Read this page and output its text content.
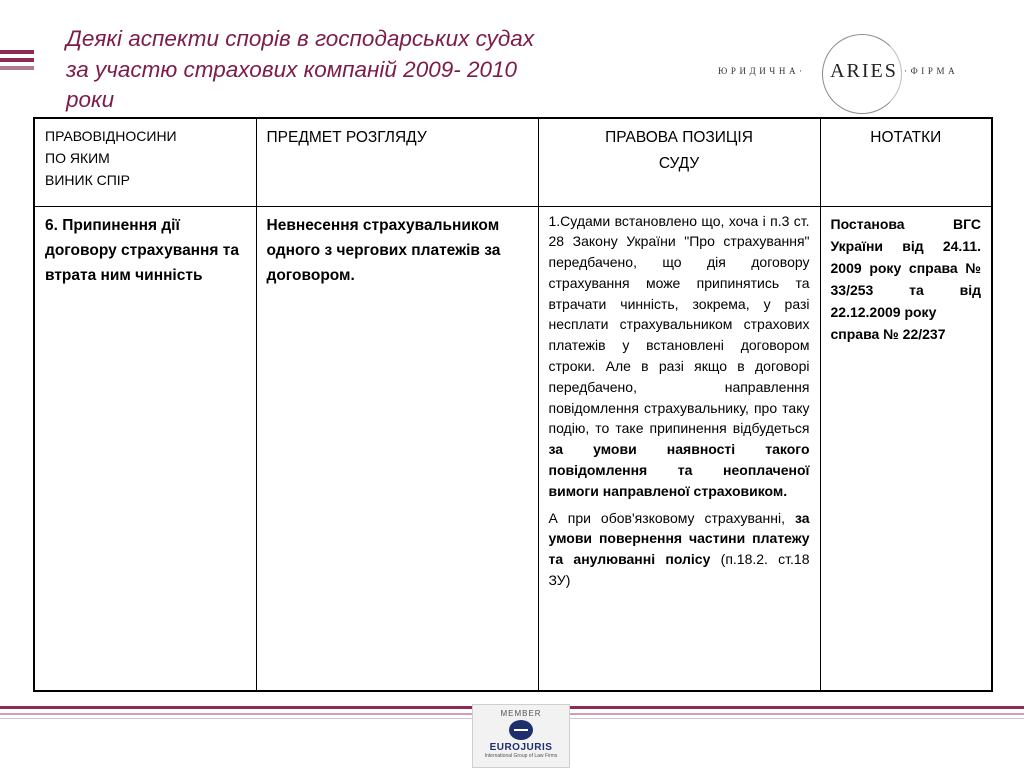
Деякі аспекти спорів в господарських судах
за участю страхових компаній 2009- 2010
роки
ЮРИДИЧНА·	ARIES ·ФІРМА
ПРАВОВІДНОСИНИ
ПО ЯКИМ
ВИНИК СПІР	ПРЕДМЕТ РОЗГЛЯДУ	ПРАВОВА ПОЗИЦІЯ
СУДУ	НОТАТКИ
6. Припинення дії договору страхування та втрата ним чинність	Невнесення страхувальником одного з чергових платежів за договором.	1.Судами встановлено що, хоча і п.3 ст. 28 Закону України "Про страхування" передбачено, що дія договору страхування може припинятись та втрачати чинність, зокрема, у разі несплати страхувальником страхових платежів у встановлені договором строки. Але в разі якщо в договорі передбачено, направлення повідомлення страхувальнику, про таку подію, то таке припинення відбудеться за умови наявності такого повідомлення та неоплаченої вимоги направленої страховиком.
А при обов'язковому страхуванні, за умови повернення частини платежу та анулюванні полісу (п.18.2. ст.18 ЗУ)	Постанова ВГС України від 24.11. 2009 року справа № 33/253 та від 22.12.2009 року
справа № 22/237
MEMBER
EUROJURIS
International Group of Law Firms
